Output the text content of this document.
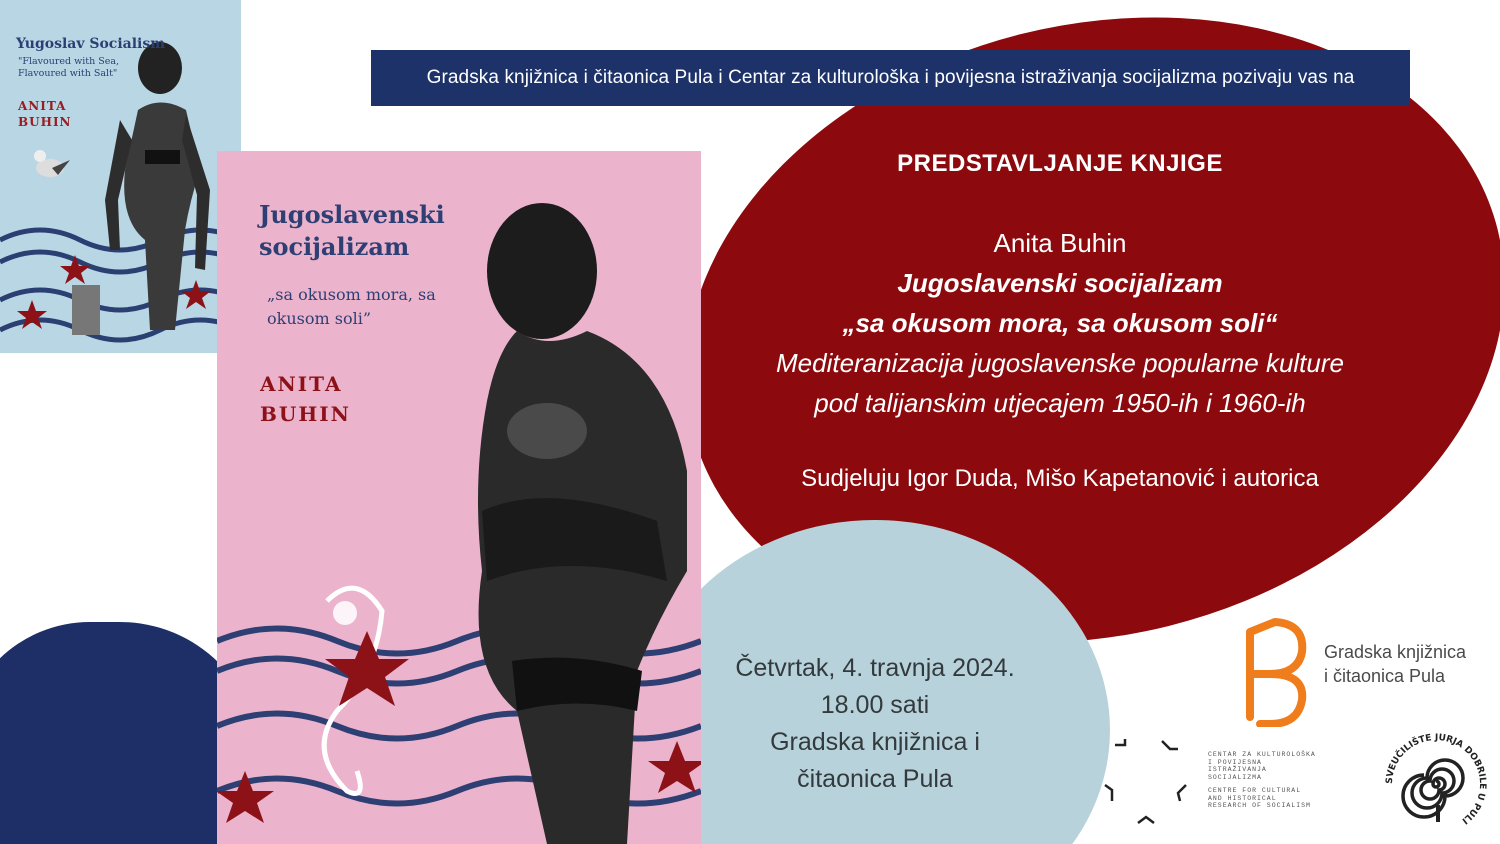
Gradska knjižnica i čitaonica Pula i Centar za kulturološka i povijesna istraživanja socijalizma pozivaju vas na
Yugoslav Socialism
"Flavoured with Sea, Flavoured with Salt"
ANITA BUHIN
Jugoslavenski socijalizam
„sa okusom mora, sa okusom soli”
ANITA BUHIN
PREDSTAVLJANJE KNJIGE
Anita Buhin
Jugoslavenski socijalizam
„sa okusom mora, sa okusom soli“
Mediteranizacija jugoslavenske popularne kulture
pod talijanskim utjecajem 1950-ih i 1960-ih
Sudjeluju Igor Duda, Mišo Kapetanović i autorica
Četvrtak, 4. travnja 2024.
18.00 sati
Gradska knjižnica i
čitaonica Pula
Gradska knjižnica
i čitaonica Pula
CENTAR ZA KULTUROLOŠKA I POVIJESNA ISTRAŽIVANJA SOCIJALIZMA
CENTRE FOR CULTURAL AND HISTORICAL RESEARCH OF SOCIALISM
SVEUČILIŠTE JURJA DOBRILE U PULI
